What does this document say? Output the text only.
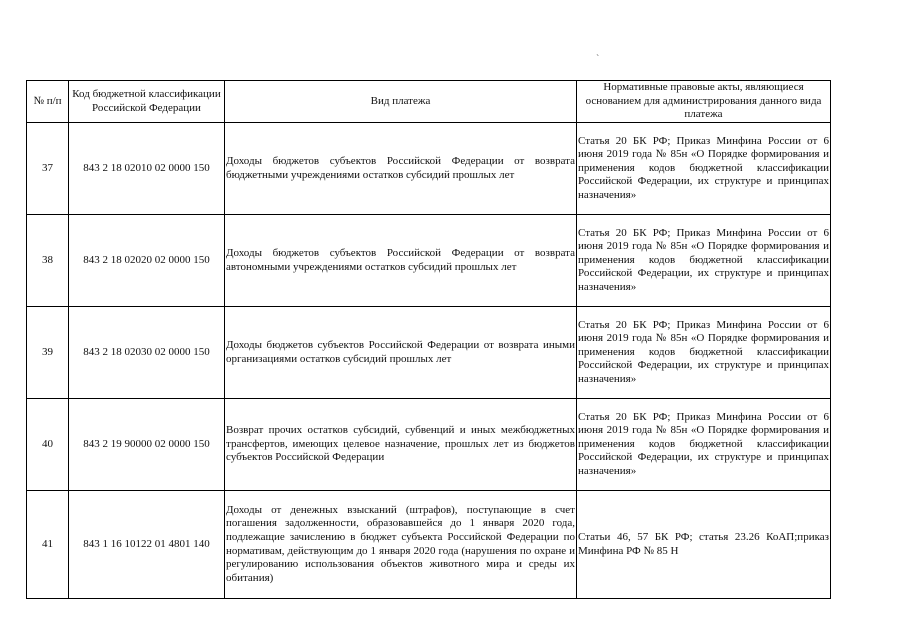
`
№ п/п	Код бюджетной классификации Российской Федерации	Вид платежа	Нормативные правовые акты, являющиеся основанием для администрирования данного вида платежа
37	843 2 18 02010 02 0000 150	Доходы бюджетов субъектов Российской Федерации от возврата бюджетными учреждениями остатков субсидий прошлых лет	Статья 20 БК РФ; Приказ Минфина России от 6 июня 2019 года № 85н «О Порядке формирования и применения кодов бюджетной классификации Российской Федерации, их структуре и принципах назначения»
38	843 2 18 02020 02 0000 150	Доходы бюджетов субъектов Российской Федерации от возврата автономными учреждениями остатков субсидий прошлых лет	Статья 20 БК РФ; Приказ Минфина России от 6 июня 2019 года № 85н «О Порядке формирования и применения кодов бюджетной классификации Российской Федерации, их структуре и принципах назначения»
39	843 2 18 02030 02 0000 150	Доходы бюджетов субъектов Российской Федерации от возврата иными организациями остатков субсидий прошлых лет	Статья 20 БК РФ; Приказ Минфина России от 6 июня 2019 года № 85н «О Порядке формирования и применения кодов бюджетной классификации Российской Федерации, их структуре и принципах назначения»
40	843 2 19 90000 02 0000 150	Возврат прочих остатков субсидий, субвенций и иных межбюджетных трансфертов, имеющих целевое назначение, прошлых лет из бюджетов субъектов Российской Федерации	Статья 20 БК РФ; Приказ Минфина России от 6 июня 2019 года № 85н «О Порядке формирования и применения кодов бюджетной классификации Российской Федерации, их структуре и принципах назначения»
41	843 1 16 10122 01 4801 140	Доходы от денежных взысканий (штрафов), поступающие в счет погашения задолженности, образовавшейся до 1 января 2020 года, подлежащие зачислению в бюджет субъекта Российской Федерации по нормативам, действующим до 1 января 2020 года (нарушения по охране и регулированию использования объектов животного мира и среды их обитания)	Статьи 46, 57 БК РФ; статья 23.26 КоАП;приказ Минфина РФ № 85 Н
